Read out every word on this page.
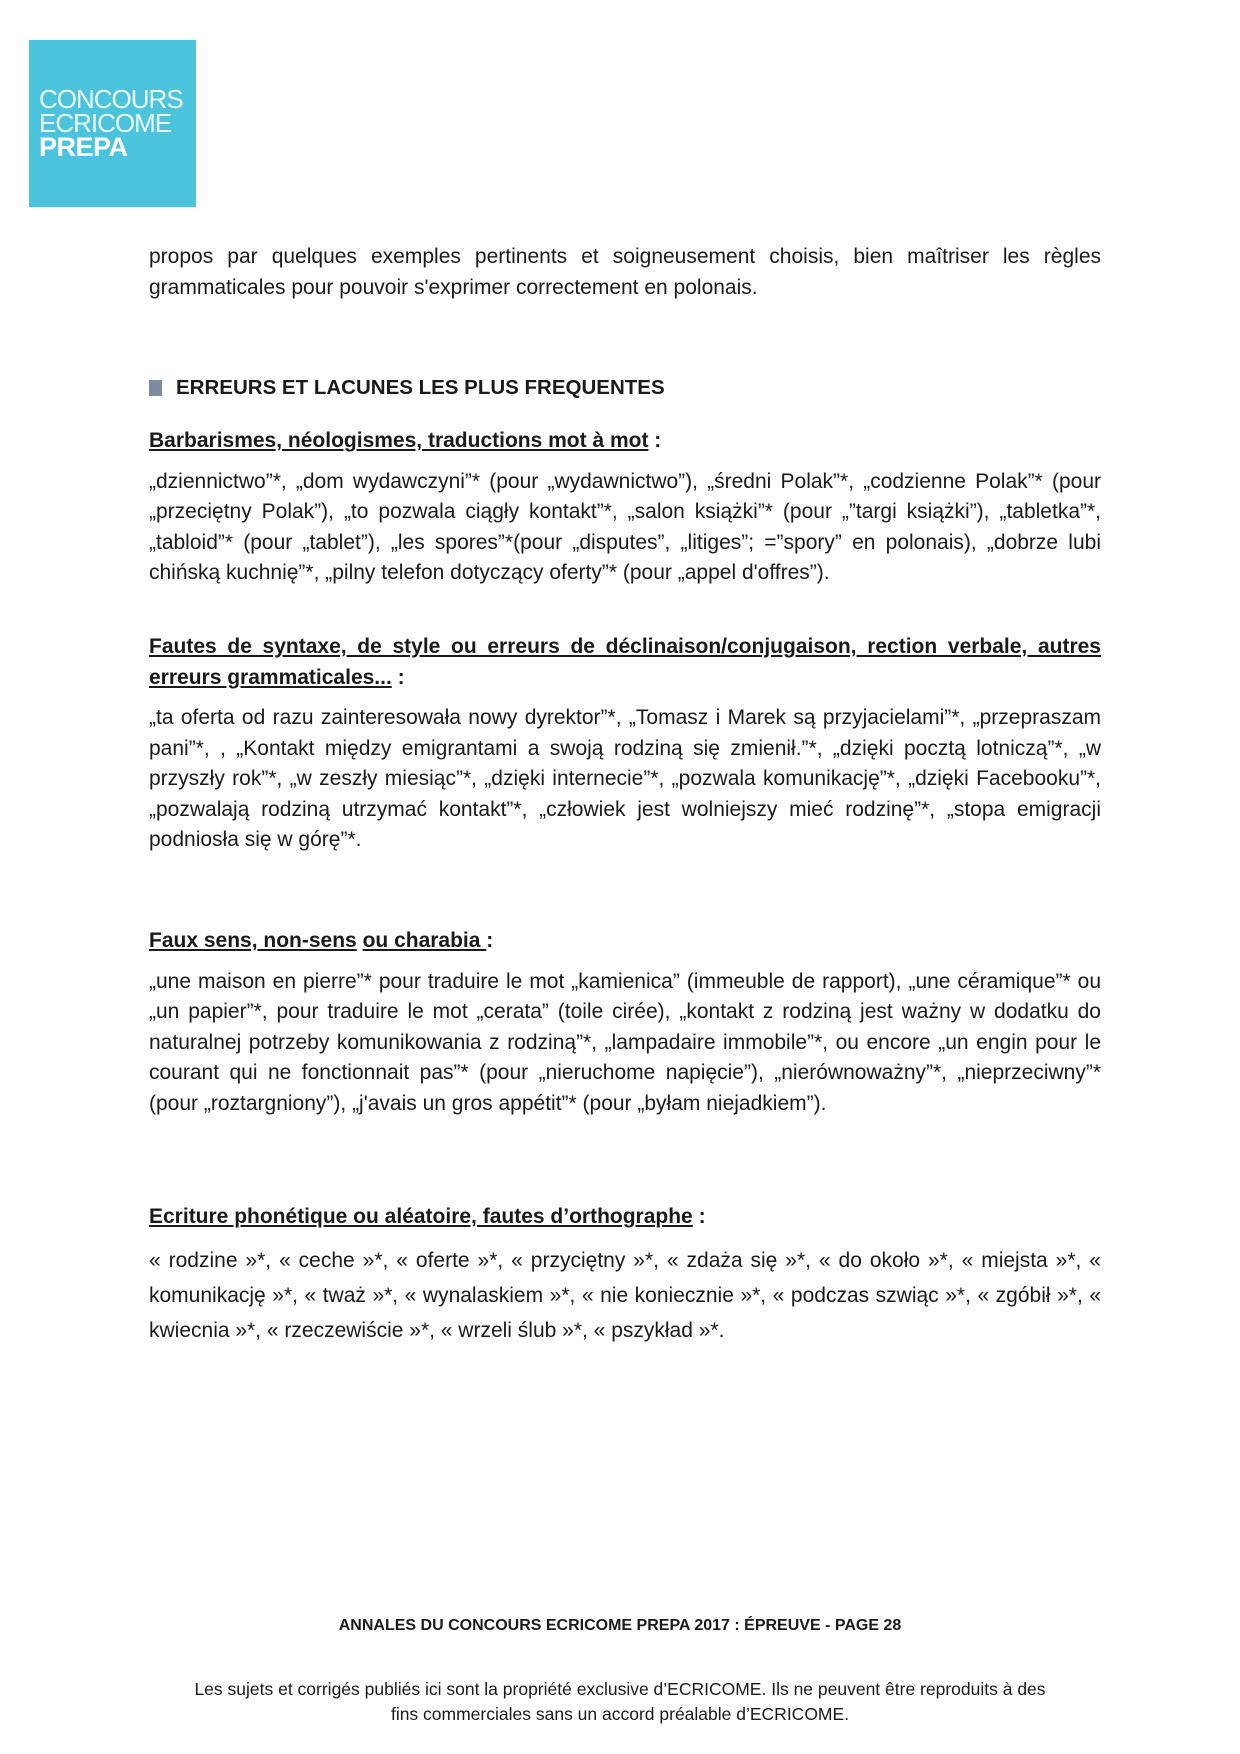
CONCOURS
ECRICOME
PREPA

propos par quelques exemples pertinents et soigneusement choisis, bien maîtriser les règles grammaticales pour pouvoir s'exprimer correctement en polonais.

ERREURS ET LACUNES LES PLUS FREQUENTES
Barbarismes, néologismes, traductions mot à mot :

„dziennictwo”*, „dom wydawczyni”* (pour „wydawnictwo”), „średni Polak”*, „codzienne Polak”* (pour „przeciętny Polak”), „to pozwala ciągły kontakt”*, „salon książki”* (pour „”targi książki”), „tabletka”*, „tabloid”* (pour „tablet”), „les spores”*(pour „disputes”, „litiges”; =”spory” en polonais), „dobrze lubi chińską kuchnię”*, „pilny telefon dotyczący oferty”* (pour „appel d'offres”).

Fautes de syntaxe, de style ou erreurs de déclinaison/conjugaison, rection verbale, autres erreurs grammaticales... :

„ta oferta od razu zainteresowała nowy dyrektor”*, „Tomasz i Marek są przyjacielami”*, „przepraszam pani”*, , „Kontakt między emigrantami a swoją rodziną się zmienił.”*, „dzięki pocztą lotniczą”*, „w przyszły rok”*, „w zeszły miesiąc”*, „dzięki internecie”*, „pozwala komunikację”*, „dzięki Facebooku”*, „pozwalają rodziną utrzymać kontakt”*, „człowiek jest wolniejszy mieć rodzinę”*, „stopa emigracji podniosła się w górę”*.

Faux sens, non-sens ou charabia :

„une maison en pierre”* pour traduire le mot „kamienica” (immeuble de rapport), „une céramique”* ou „un papier”*, pour traduire le mot „cerata” (toile cirée), „kontakt z rodziną jest ważny w dodatku do naturalnej potrzeby komunikowania z rodziną”*, „lampadaire immobile”*, ou encore „un engin pour le courant qui ne fonctionnait pas”* (pour „nieruchome napięcie”), „nierównoważny”*, „nieprzeciwny”* (pour „roztargniony”), „j'avais un gros appétit”* (pour „byłam niejadkiem”).

Ecriture phonétique ou aléatoire, fautes d’orthographe :

« rodzine »*, « ceche »*, « oferte »*, « przyciętny »*, « zdaża się »*, « do około »*, « miejsta »*, « komunikację »*, « tważ »*, « wynalaskiem »*, « nie koniecznie »*, « podczas szwiąc »*, « zgóbił »*, « kwiecnia »*, « rzeczewiście »*, « wrzeli ślub »*, « pszykład »*.

ANNALES DU CONCOURS ECRICOME PREPA 2017 : ÉPREUVE - PAGE 28
Les sujets et corrigés publiés ici sont la propriété exclusive d’ECRICOME. Ils ne peuvent être reproduits à des
fins commerciales sans un accord préalable d’ECRICOME.
